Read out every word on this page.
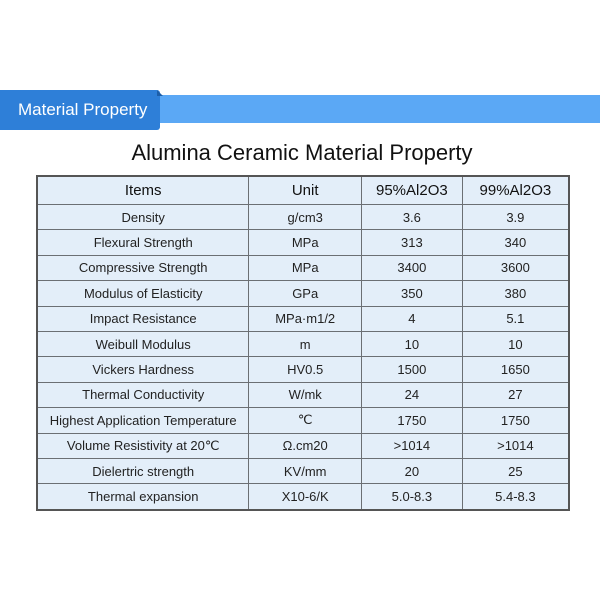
Material Property
Alumina Ceramic Material Property
Items	Unit	95%Al2O3	99%Al2O3
Density	g/cm3	3.6	3.9
Flexural Strength	MPa	313	340
Compressive Strength	MPa	3400	3600
Modulus of Elasticity	GPa	350	380
Impact Resistance	MPa·m1/2	4	5.1
Weibull Modulus	m	10	10
Vickers Hardness	HV0.5	1500	1650
Thermal Conductivity	W/mk	24	27
Highest Application Temperature	℃	1750	1750
Volume Resistivity at 20℃	Ω.cm20	>1014	>1014
Dielertric strength	KV/mm	20	25
Thermal expansion	X10-6/K	5.0-8.3	5.4-8.3
